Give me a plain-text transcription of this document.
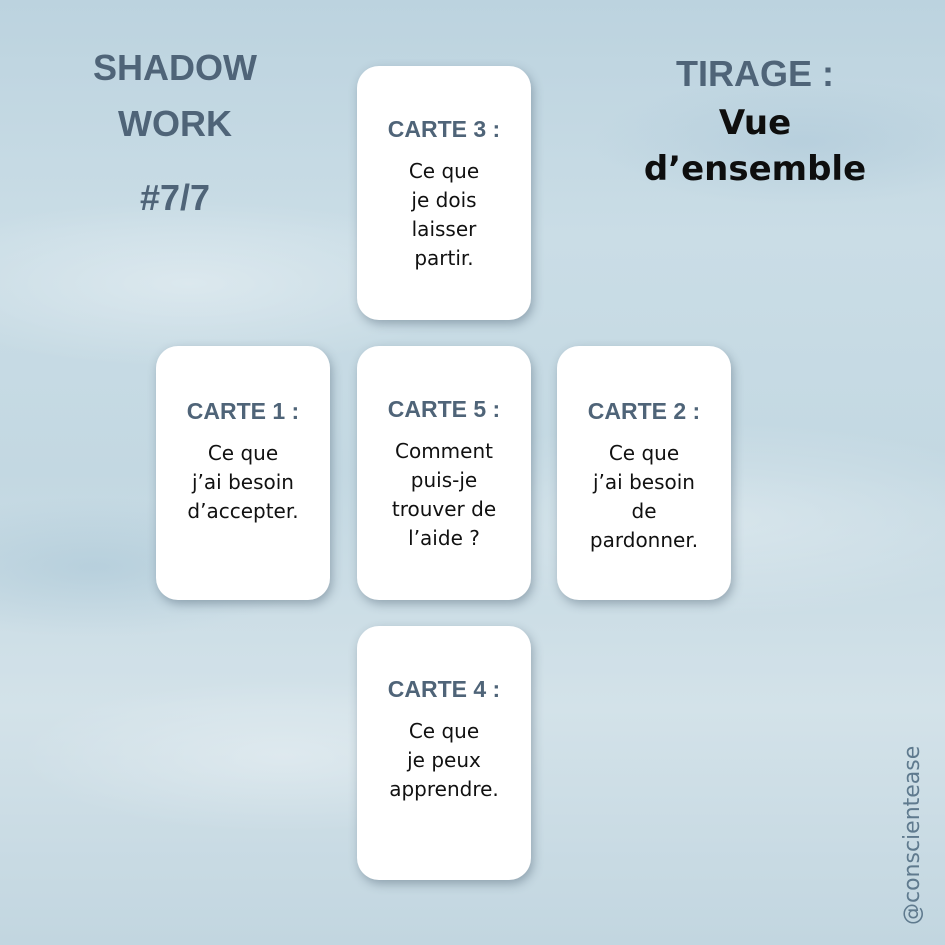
SHADOW
WORK
#7/7
TIRAGE :
Vue
d’ensemble
CARTE 3 :
Ce que
je dois
laisser
partir.
CARTE 1 :
Ce que
j’ai besoin
d’accepter.
CARTE 5 :
Comment
puis-je
trouver de
l’aide ?
CARTE 2 :
Ce que
j’ai besoin
de
pardonner.
CARTE 4 :
Ce que
je peux
apprendre.	@conscientease
